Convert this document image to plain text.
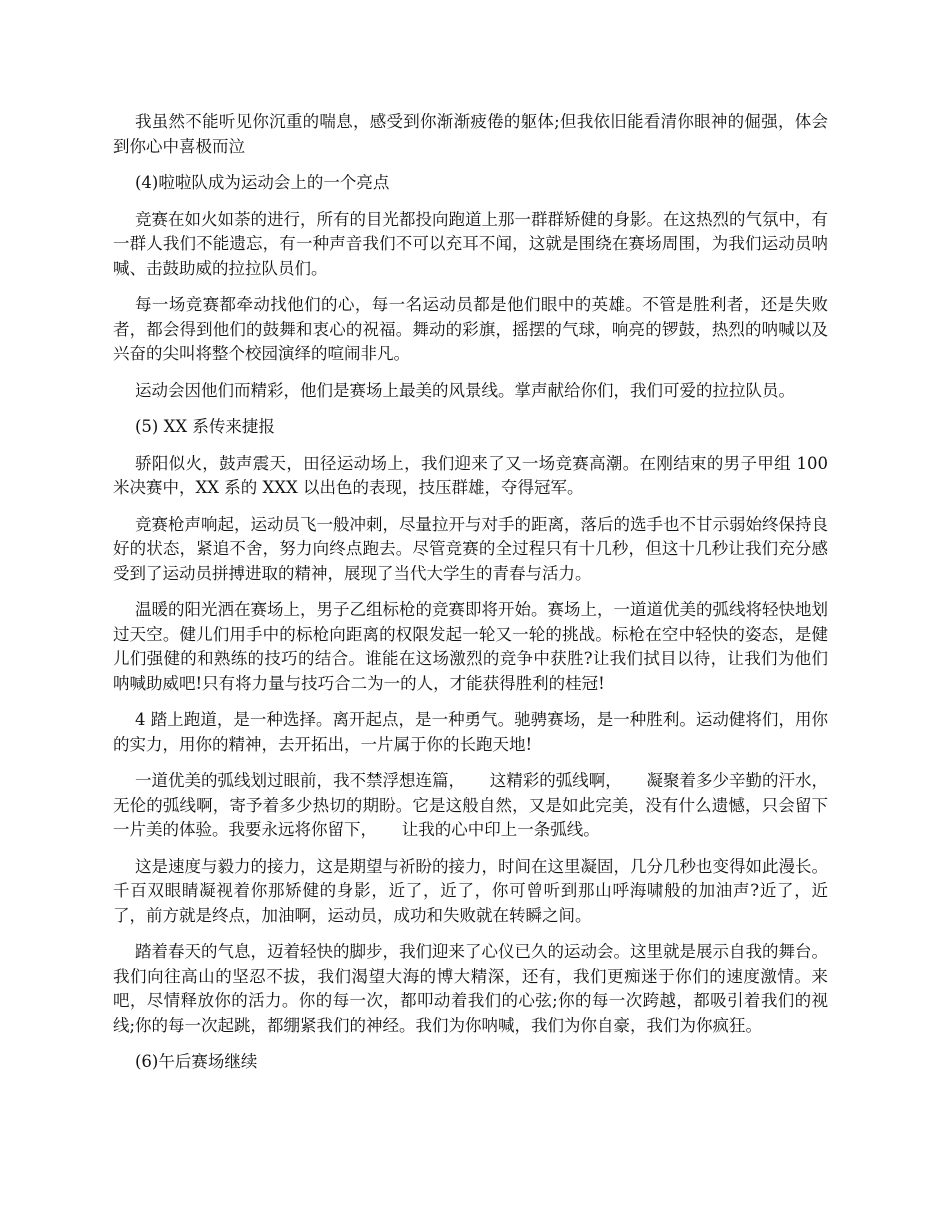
我虽然不能听见你沉重的喘息，感受到你渐渐疲倦的躯体;但我依旧能看清你眼神的倔强，体会到你心中喜极而泣

(4)啦啦队成为运动会上的一个亮点

竞赛在如火如荼的进行，所有的目光都投向跑道上那一群群矫健的身影。在这热烈的气氛中，有一群人我们不能遗忘，有一种声音我们不可以充耳不闻，这就是围绕在赛场周围，为我们运动员呐喊、击鼓助威的拉拉队员们。

每一场竞赛都牵动找他们的心，每一名运动员都是他们眼中的英雄。不管是胜利者，还是失败者，都会得到他们的鼓舞和衷心的祝福。舞动的彩旗，摇摆的气球，响亮的锣鼓，热烈的呐喊以及兴奋的尖叫将整个校园演绎的喧闹非凡。

运动会因他们而精彩，他们是赛场上最美的风景线。掌声献给你们，我们可爱的拉拉队员。

(5) XX 系传来捷报

骄阳似火，鼓声震天，田径运动场上，我们迎来了又一场竞赛高潮。在刚结束的男子甲组 100 米决赛中，XX 系的 XXX 以出色的表现，技压群雄，夺得冠军。

竞赛枪声响起，运动员飞一般冲刺，尽量拉开与对手的距离，落后的选手也不甘示弱始终保持良好的状态，紧追不舍，努力向终点跑去。尽管竞赛的全过程只有十几秒，但这十几秒让我们充分感受到了运动员拼搏进取的精神，展现了当代大学生的青春与活力。

温暖的阳光洒在赛场上，男子乙组标枪的竞赛即将开始。赛场上，一道道优美的弧线将轻快地划过天空。健儿们用手中的标枪向距离的权限发起一轮又一轮的挑战。标枪在空中轻快的姿态，是健儿们强健的和熟练的技巧的结合。谁能在这场激烈的竞争中获胜?让我们拭目以待，让我们为他们呐喊助威吧!只有将力量与技巧合二为一的人，才能获得胜利的桂冠!

4 踏上跑道，是一种选择。离开起点，是一种勇气。驰骋赛场，是一种胜利。运动健将们，用你的实力，用你的精神，去开拓出，一片属于你的长跑天地!

一道优美的弧线划过眼前，我不禁浮想连篇，　　这精彩的弧线啊，　　凝聚着多少辛勤的汗水，无伦的弧线啊，寄予着多少热切的期盼。它是这般自然，又是如此完美，没有什么遗憾，只会留下一片美的体验。我要永远将你留下，　　让我的心中印上一条弧线。

这是速度与毅力的接力，这是期望与祈盼的接力，时间在这里凝固，几分几秒也变得如此漫长。千百双眼睛凝视着你那矫健的身影，近了，近了，你可曾听到那山呼海啸般的加油声?近了，近了，前方就是终点，加油啊，运动员，成功和失败就在转瞬之间。

踏着春天的气息，迈着轻快的脚步，我们迎来了心仪已久的运动会。这里就是展示自我的舞台。我们向往高山的坚忍不拔，我们渴望大海的博大精深，还有，我们更痴迷于你们的速度激情。来吧，尽情释放你的活力。你的每一次，都叩动着我们的心弦;你的每一次跨越，都吸引着我们的视线;你的每一次起跳，都绷紧我们的神经。我们为你呐喊，我们为你自豪，我们为你疯狂。

(6)午后赛场继续
